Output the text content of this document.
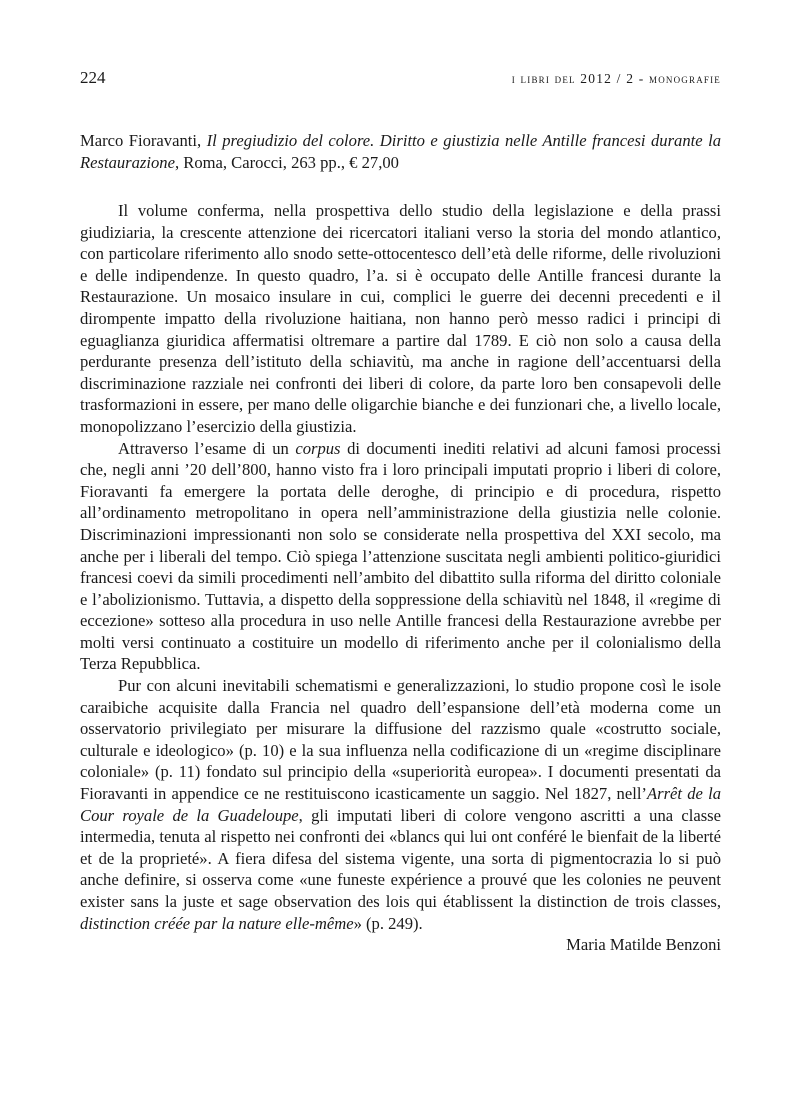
224	i libri del 2012 / 2 - monografie

Marco Fioravanti, Il pregiudizio del colore. Diritto e giustizia nelle Antille francesi durante la Restaurazione, Roma, Carocci, 263 pp., € 27,00

Il volume conferma, nella prospettiva dello studio della legislazione e della prassi giudiziaria, la crescente attenzione dei ricercatori italiani verso la storia del mondo atlantico, con particolare riferimento allo snodo sette-ottocentesco dell’età delle riforme, delle rivoluzioni e delle indipendenze. In questo quadro, l’a. si è occupato delle Antille francesi durante la Restaurazione. Un mosaico insulare in cui, complici le guerre dei decenni precedenti e il dirompente impatto della rivoluzione haitiana, non hanno però messo radici i principi di eguaglianza giuridica affermatisi oltremare a partire dal 1789. E ciò non solo a causa della perdurante presenza dell’istituto della schiavitù, ma anche in ragione dell’accentuarsi della discriminazione razziale nei confronti dei liberi di colore, da parte loro ben consapevoli delle trasformazioni in essere, per mano delle oligarchie bianche e dei funzionari che, a livello locale, monopolizzano l’esercizio della giustizia.

Attraverso l’esame di un corpus di documenti inediti relativi ad alcuni famosi processi che, negli anni ’20 dell’800, hanno visto fra i loro principali imputati proprio i liberi di colore, Fioravanti fa emergere la portata delle deroghe, di principio e di procedura, rispetto all’ordinamento metropolitano in opera nell’amministrazione della giustizia nelle colonie. Discriminazioni impressionanti non solo se considerate nella prospettiva del XXI secolo, ma anche per i liberali del tempo. Ciò spiega l’attenzione suscitata negli ambienti politico-giuridici francesi coevi da simili procedimenti nell’ambito del dibattito sulla riforma del diritto coloniale e l’abolizionismo. Tuttavia, a dispetto della soppressione della schiavitù nel 1848, il «regime di eccezione» sotteso alla procedura in uso nelle Antille francesi della Restaurazione avrebbe per molti versi continuato a costituire un modello di riferimento anche per il colonialismo della Terza Repubblica.

Pur con alcuni inevitabili schematismi e generalizzazioni, lo studio propone così le isole caraibiche acquisite dalla Francia nel quadro dell’espansione dell’età moderna come un osservatorio privilegiato per misurare la diffusione del razzismo quale «costrutto sociale, culturale e ideologico» (p. 10) e la sua influenza nella codificazione di un «regime disciplinare coloniale» (p. 11) fondato sul principio della «superiorità europea». I documenti presentati da Fioravanti in appendice ce ne restituiscono icasticamente un saggio. Nel 1827, nell’Arrêt de la Cour royale de la Guadeloupe, gli imputati liberi di colore vengono ascritti a una classe intermedia, tenuta al rispetto nei confronti dei «blancs qui lui ont conféré le bienfait de la liberté et de la proprieté». A fiera difesa del sistema vigente, una sorta di pigmentocrazia lo si può anche definire, si osserva come «une funeste expérience a prouvé que les colonies ne peuvent exister sans la juste et sage observation des lois qui établissent la distinction de trois classes, distinction créée par la nature elle-même» (p. 249).

Maria Matilde Benzoni
